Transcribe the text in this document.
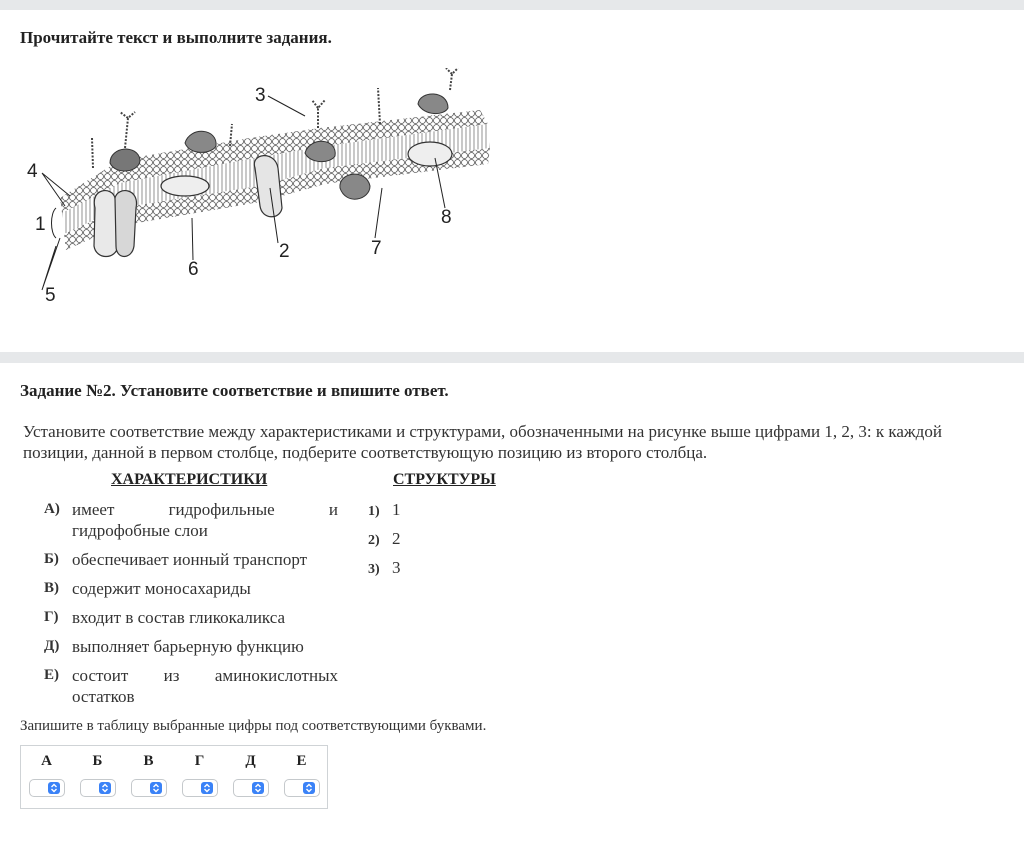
Прочитайте текст и выполните задания.
1
2
3
4
5
6
7
8
Задание №2. Установите соответствие и впишите ответ.
Установите соответствие между характеристиками и структурами, обозначенными на рисунке выше цифрами 1, 2, 3: к каждой позиции, данной в первом столбце, подберите соответствующую позицию из второго столбца.
ХАРАКТЕРИСТИКИ	СТРУКТУРЫ
А) имеет гидрофильные и гидрофобные слои
Б) обеспечивает ионный транспорт
В) содержит моносахариды
Г) входит в состав гликокаликса
Д) выполняет барьерную функцию
Е) состоит из аминокислотных остатков
1) 1
2) 2
3) 3
Запишите в таблицу выбранные цифры под соответствующими буквами.
А	Б	В	Г	Д	Е
